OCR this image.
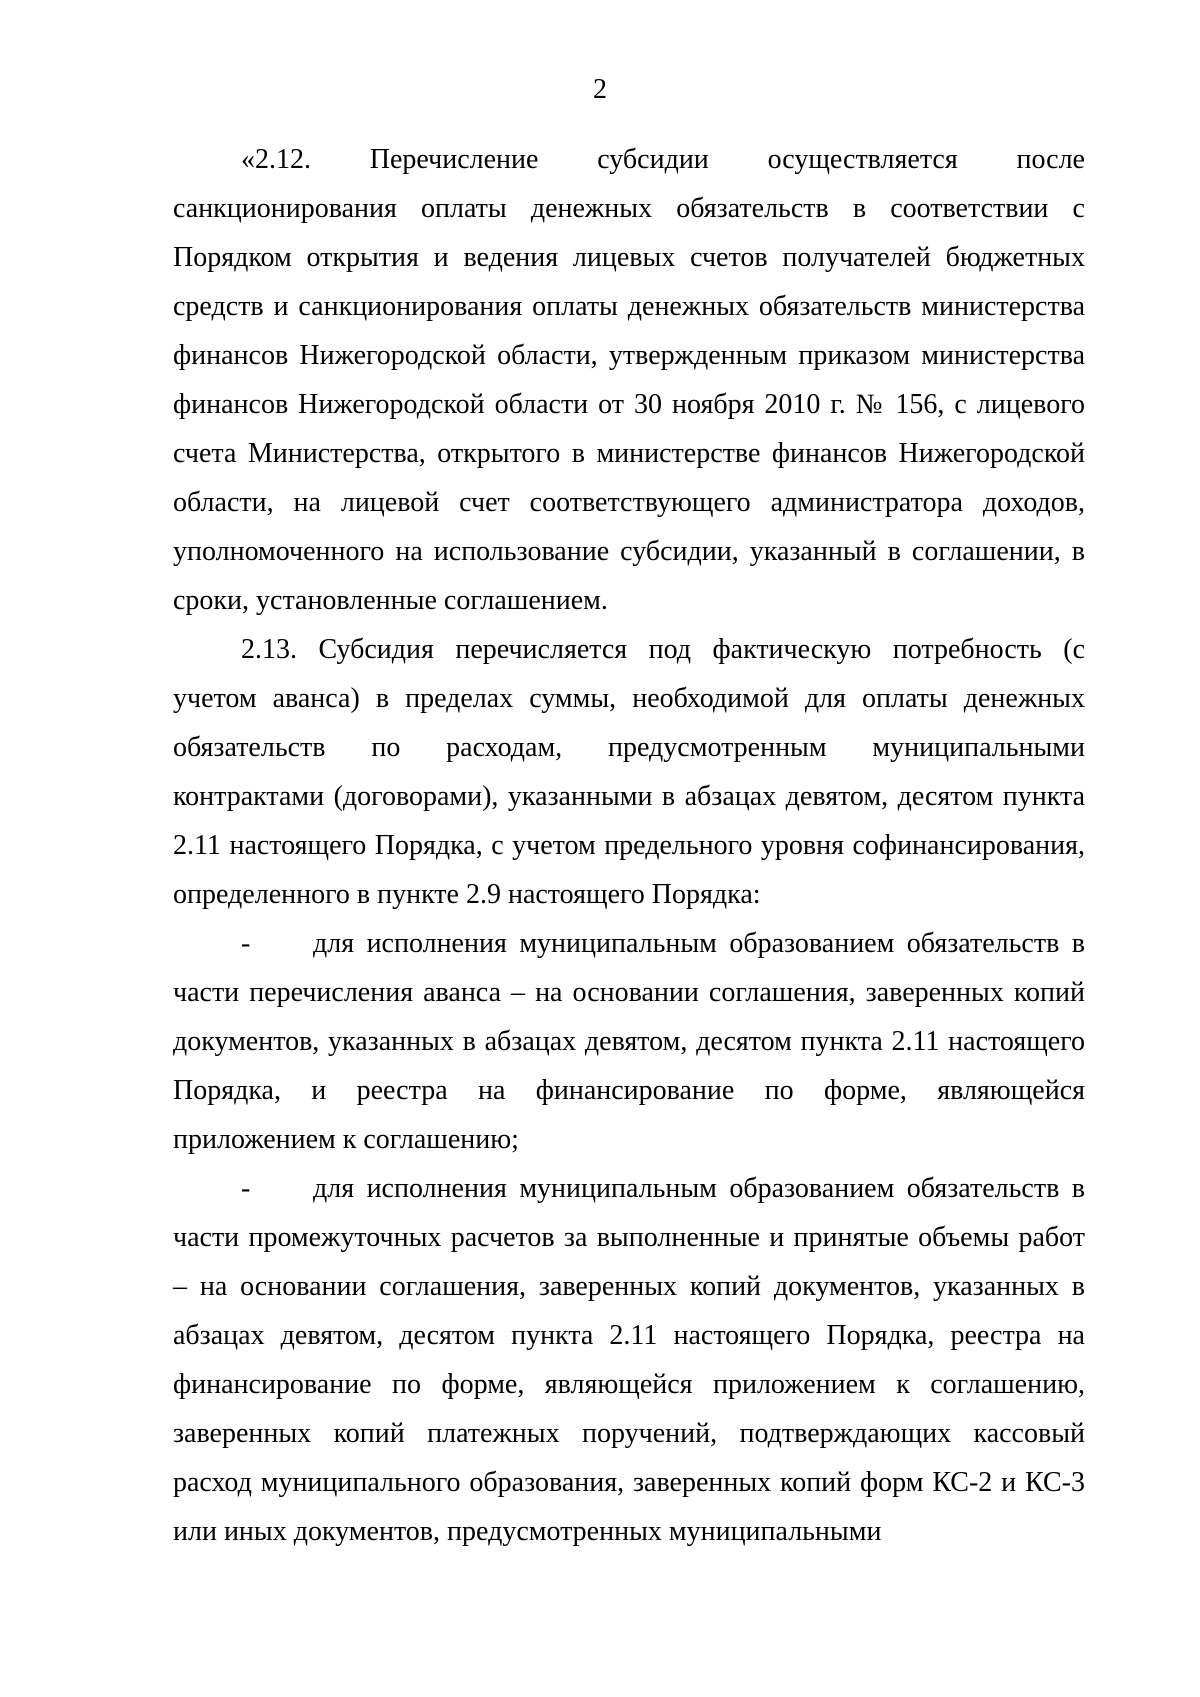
2

«2.12. Перечисление субсидии осуществляется после санкционирования оплаты денежных обязательств в соответствии с Порядком открытия и ведения лицевых счетов получателей бюджетных средств и санкционирования оплаты денежных обязательств министерства финансов Нижегородской области, утвержденным приказом министерства финансов Нижегородской области от 30 ноября 2010 г. № 156, с лицевого счета Министерства, открытого в министерстве финансов Нижегородской области, на лицевой счет соответствующего администратора доходов, уполномоченного на использование субсидии, указанный в соглашении, в сроки, установленные соглашением.

2.13. Субсидия перечисляется под фактическую потребность (с учетом аванса) в пределах суммы, необходимой для оплаты денежных обязательств по расходам, предусмотренным муниципальными контрактами (договорами), указанными в абзацах девятом, десятом пункта 2.11 настоящего Порядка, с учетом предельного уровня софинансирования, определенного в пункте 2.9 настоящего Порядка:

- для исполнения муниципальным образованием обязательств в части перечисления аванса – на основании соглашения, заверенных копий документов, указанных в абзацах девятом, десятом пункта 2.11 настоящего Порядка, и реестра на финансирование по форме, являющейся приложением к соглашению;

- для исполнения муниципальным образованием обязательств в части промежуточных расчетов за выполненные и принятые объемы работ – на основании соглашения, заверенных копий документов, указанных в абзацах девятом, десятом пункта 2.11 настоящего Порядка, реестра на финансирование по форме, являющейся приложением к соглашению, заверенных копий платежных поручений, подтверждающих кассовый расход муниципального образования, заверенных копий форм КС-2 и КС-3 или иных документов, предусмотренных муниципальными
